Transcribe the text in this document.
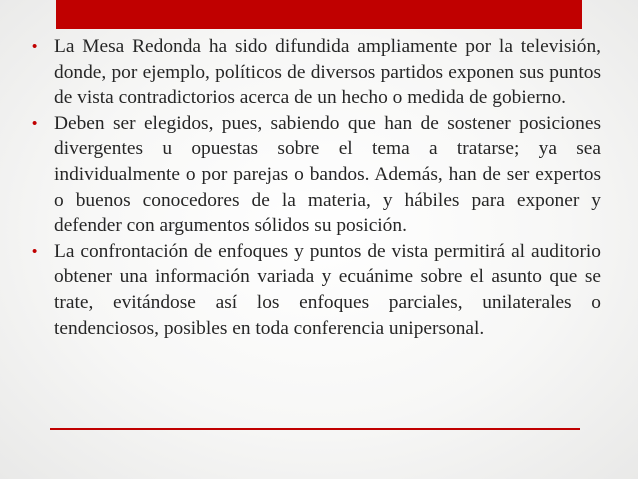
• La Mesa Redonda ha sido difundida ampliamente por la televisión, donde, por ejemplo, políticos de diversos partidos exponen sus puntos de vista contradictorios acerca de un hecho o medida de gobierno.
• Deben ser elegidos, pues, sabiendo que han de sostener posiciones divergentes u opuestas sobre el tema a tratarse; ya sea individualmente o por parejas o bandos. Además, han de ser expertos o buenos conocedores de la materia, y hábiles para exponer y defender con argumentos sólidos su posición.
• La confrontación de enfoques y puntos de vista permitirá al auditorio obtener una información variada y ecuánime sobre el asunto que se trate, evitándose así los enfoques parciales, unilaterales o tendenciosos, posibles en toda conferencia unipersonal.
